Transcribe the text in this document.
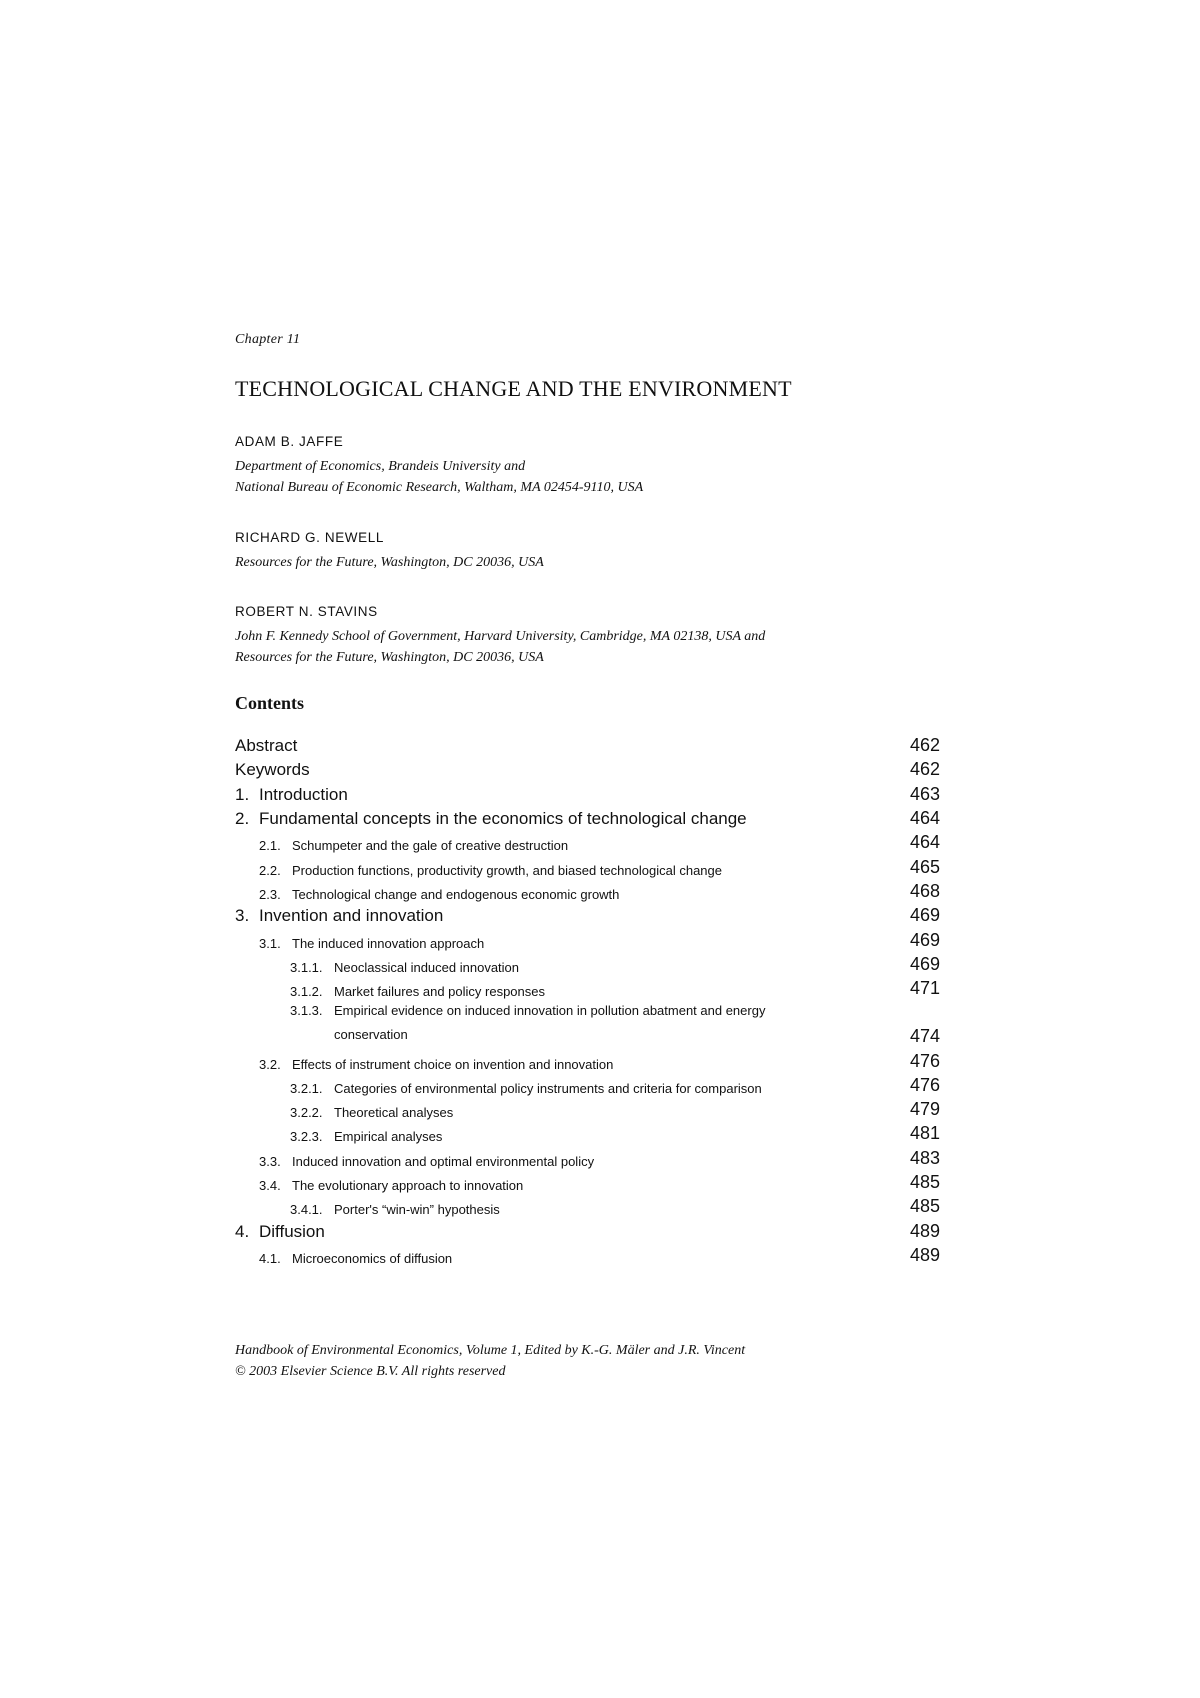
Chapter 11
TECHNOLOGICAL CHANGE AND THE ENVIRONMENT
ADAM B. JAFFE
Department of Economics, Brandeis University and
National Bureau of Economic Research, Waltham, MA 02454-9110, USA
RICHARD G. NEWELL
Resources for the Future, Washington, DC 20036, USA
ROBERT N. STAVINS
John F. Kennedy School of Government, Harvard University, Cambridge, MA 02138, USA and
Resources for the Future, Washington, DC 20036, USA
Contents
Abstract	462
Keywords	462
1. Introduction	463
2. Fundamental concepts in the economics of technological change	464
2.1. Schumpeter and the gale of creative destruction	464
2.2. Production functions, productivity growth, and biased technological change	465
2.3. Technological change and endogenous economic growth	468
3. Invention and innovation	469
3.1. The induced innovation approach	469
3.1.1. Neoclassical induced innovation	469
3.1.2. Market failures and policy responses	471
3.1.3. Empirical evidence on induced innovation in pollution abatment and energy
conservation	474
3.2. Effects of instrument choice on invention and innovation	476
3.2.1. Categories of environmental policy instruments and criteria for comparison	476
3.2.2. Theoretical analyses	479
3.2.3. Empirical analyses	481
3.3. Induced innovation and optimal environmental policy	483
3.4. The evolutionary approach to innovation	485
3.4.1. Porter's “win-win” hypothesis	485
4. Diffusion	489
4.1. Microeconomics of diffusion	489
Handbook of Environmental Economics, Volume 1, Edited by K.-G. Mäler and J.R. Vincent
© 2003 Elsevier Science B.V. All rights reserved
